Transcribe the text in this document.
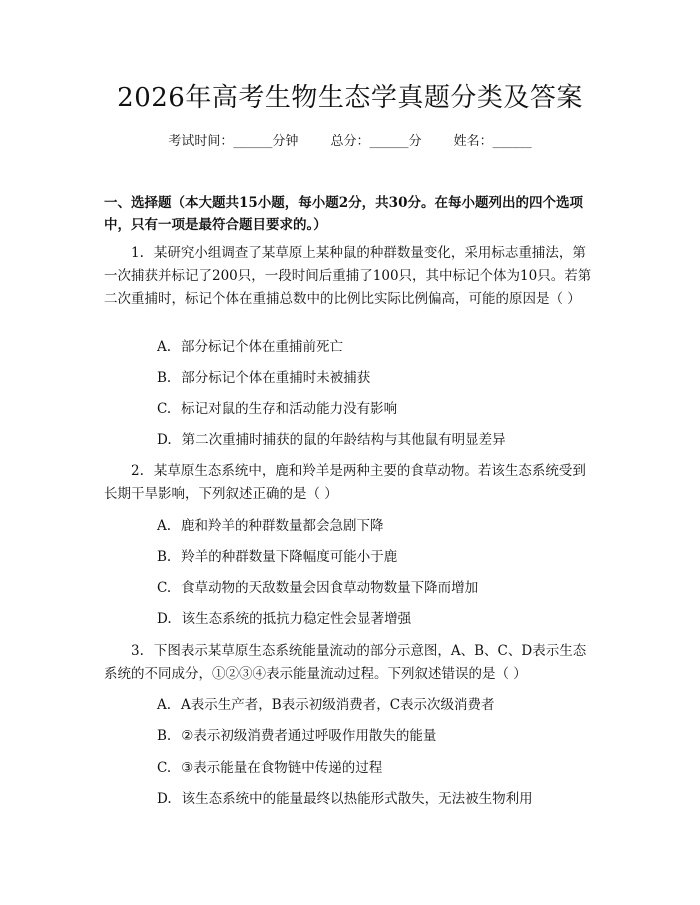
2026年高考生物生态学真题分类及答案
考试时间：______分钟 总分：______分 姓名：______
一、选择题（本大题共15小题，每小题2分，共30分。在每小题列出的四个选项中，只有一项是最符合题目要求的。）
1. 某研究小组调查了某草原上某种鼠的种群数量变化，采用标志重捕法，第一次捕获并标记了200只，一段时间后重捕了100只，其中标记个体为10只。若第二次重捕时，标记个体在重捕总数中的比例比实际比例偏高，可能的原因是（ ）
A. 部分标记个体在重捕前死亡
B. 部分标记个体在重捕时未被捕获
C. 标记对鼠的生存和活动能力没有影响
D. 第二次重捕时捕获的鼠的年龄结构与其他鼠有明显差异
2. 某草原生态系统中，鹿和羚羊是两种主要的食草动物。若该生态系统受到长期干旱影响，下列叙述正确的是（ ）
A. 鹿和羚羊的种群数量都会急剧下降
B. 羚羊的种群数量下降幅度可能小于鹿
C. 食草动物的天敌数量会因食草动物数量下降而增加
D. 该生态系统的抵抗力稳定性会显著增强
3. 下图表示某草原生态系统能量流动的部分示意图，A、B、C、D表示生态系统的不同成分，①②③④表示能量流动过程。下列叙述错误的是（ ）
A. A表示生产者，B表示初级消费者，C表示次级消费者
B. ②表示初级消费者通过呼吸作用散失的能量
C. ③表示能量在食物链中传递的过程
D. 该生态系统中的能量最终以热能形式散失，无法被生物利用
